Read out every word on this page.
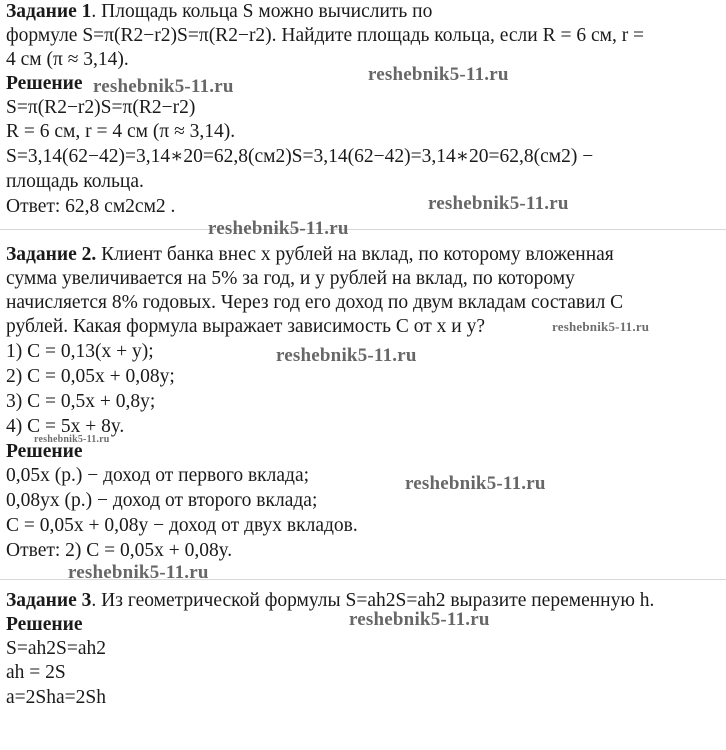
Задание 1. Площадь кольца S можно вычислить по
формуле S=π(R2−r2)S=π(R2−r2). Найдите площадь кольца, если R = 6 см, r =
4 см (π ≈ 3,14).
Решение
S=π(R2−r2)S=π(R2−r2)
R = 6 см, r = 4 см (π ≈ 3,14).
S=3,14(62−42)=3,14∗20=62,8(см2)S=3,14(62−42)=3,14∗20=62,8(см2) −
площадь кольца.
Ответ: 62,8 см2см2 .
Задание 2. Клиент банка внес x рублей на вклад, по которому вложенная
сумма увеличивается на 5% за год, и у рублей на вклад, по которому
начисляется 8% годовых. Через год его доход по двум вкладам составил C
рублей. Какая формула выражает зависимость C от x и y?
1) C = 0,13(x + y);
2) C = 0,05x + 0,08y;
3) C = 0,5x + 0,8y;
4) C = 5x + 8y.
Решение
0,05x (р.) − доход от первого вклада;
0,08ух (р.) − доход от второго вклада;
C = 0,05x + 0,08y − доход от двух вкладов.
Ответ: 2) C = 0,05x + 0,08y.
Задание 3. Из геометрической формулы S=ah2S=ah2 выразите переменную h.
Решение
S=ah2S=ah2
ah = 2S
a=2Sha=2Sh
reshebnik5-11.ru
reshebnik5-11.ru
reshebnik5-11.ru
reshebnik5-11.ru
reshebnik5-11.ru
reshebnik5-11.ru
reshebnik5-11.ru
reshebnik5-11.ru
reshebnik5-11.ru
reshebnik5-11.ru
